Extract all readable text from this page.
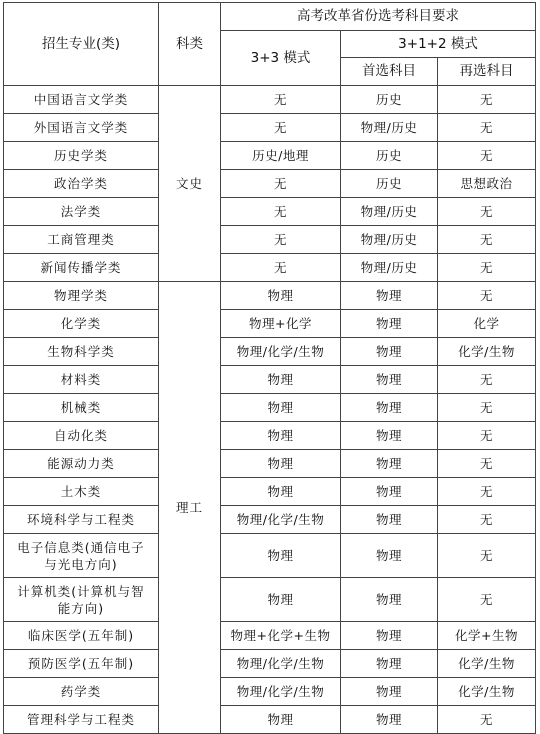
招生专业(类)	科类	高考改革省份选考科目要求		
		3+3 模式	3+1+2 模式	
			首选科目	再选科目
中国语言文学类	文史	无	历史	无
外国语言文学类		无	物理/历史	无
历史学类		历史/地理	历史	无
政治学类		无	历史	思想政治
法学类		无	物理/历史	无
工商管理类		无	物理/历史	无
新闻传播学类		无	物理/历史	无
物理学类	理工	物理	物理	无
化学类		物理+化学	物理	化学
生物科学类		物理/化学/生物	物理	化学/生物
材料类		物理	物理	无
机械类		物理	物理	无
自动化类		物理	物理	无
能源动力类		物理	物理	无
土木类		物理	物理	无
环境科学与工程类		物理/化学/生物	物理	无

电子信息类(通信电子
与光电方向)		物理	物理	无

计算机类(计算机与智
能方向)		物理	物理	无
临床医学(五年制)		物理+化学+生物	物理	化学+生物
预防医学(五年制)		物理/化学/生物	物理	化学/生物
药学类		物理/化学/生物	物理	化学/生物
管理科学与工程类		物理	物理	无
